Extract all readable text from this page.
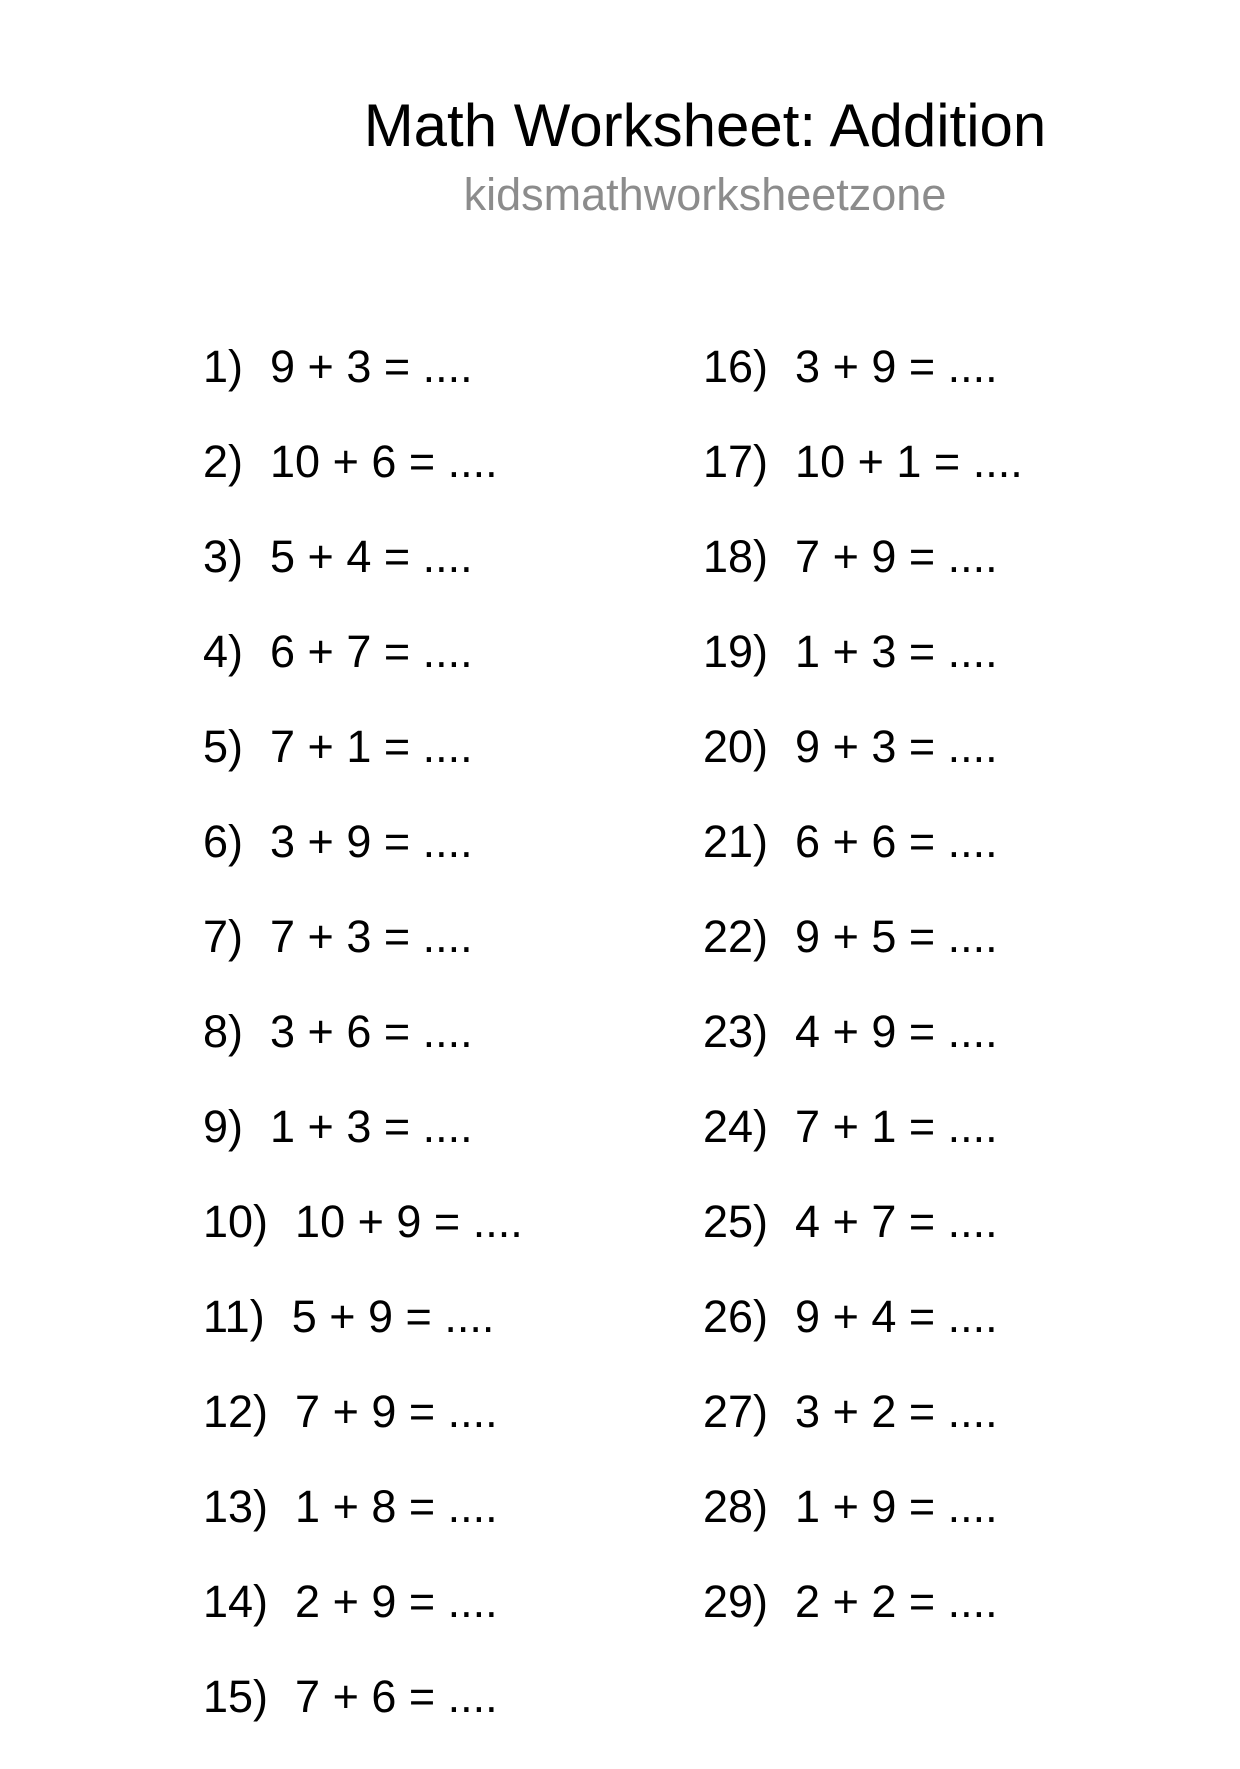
Math Worksheet: Addition
kidsmathworksheetzone
1) 9 + 3 = ....
2) 10 + 6 = ....
3) 5 + 4 = ....
4) 6 + 7 = ....
5) 7 + 1 = ....
6) 3 + 9 = ....
7) 7 + 3 = ....
8) 3 + 6 = ....
9) 1 + 3 = ....
10) 10 + 9 = ....
11) 5 + 9 = ....
12) 7 + 9 = ....
13) 1 + 8 = ....
14) 2 + 9 = ....
15) 7 + 6 = ....
16) 3 + 9 = ....
17) 10 + 1 = ....
18) 7 + 9 = ....
19) 1 + 3 = ....
20) 9 + 3 = ....
21) 6 + 6 = ....
22) 9 + 5 = ....
23) 4 + 9 = ....
24) 7 + 1 = ....
25) 4 + 7 = ....
26) 9 + 4 = ....
27) 3 + 2 = ....
28) 1 + 9 = ....
29) 2 + 2 = ....
